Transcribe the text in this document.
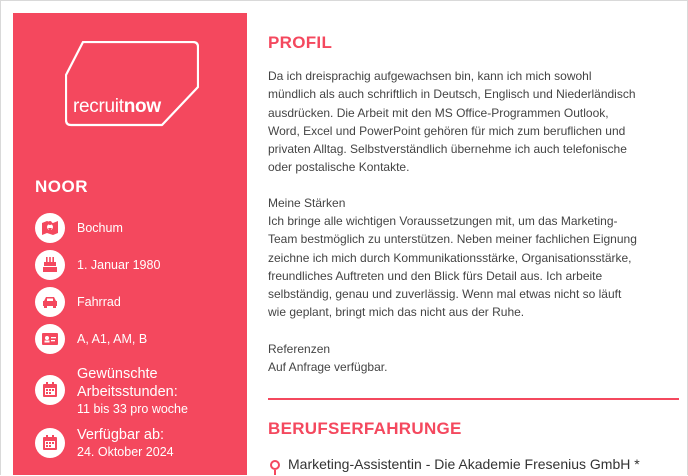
recruitnow
NOOR
Bochum
1. Januar 1980
Fahrrad
A, A1, AM, B
Gewünschte Arbeitsstunden:
11 bis 33 pro woche
Verfügbar ab:
24. Oktober 2024
PROFIL
Da ich dreisprachig aufgewachsen bin, kann ich mich sowohl mündlich als auch schriftlich in Deutsch, Englisch und Niederländisch ausdrücken. Die Arbeit mit den MS Office-Programmen Outlook, Word, Excel und PowerPoint gehören für mich zum beruflichen und privaten Alltag. Selbstverständlich übernehme ich auch telefonische oder postalische Kontakte.
Meine Stärken
Ich bringe alle wichtigen Voraussetzungen mit, um das Marketing-Team bestmöglich zu unterstützen. Neben meiner fachlichen Eignung zeichne ich mich durch Kommunikationsstärke, Organisationsstärke, freundliches Auftreten und den Blick fürs Detail aus. Ich arbeite selbständig, genau und zuverlässig. Wenn mal etwas nicht so läuft wie geplant, bringt mich das nicht aus der Ruhe.
Referenzen
Auf Anfrage verfügbar.
BERUFSERFAHRUNGE
Marketing-Assistentin - Die Akademie Fresenius GmbH *
